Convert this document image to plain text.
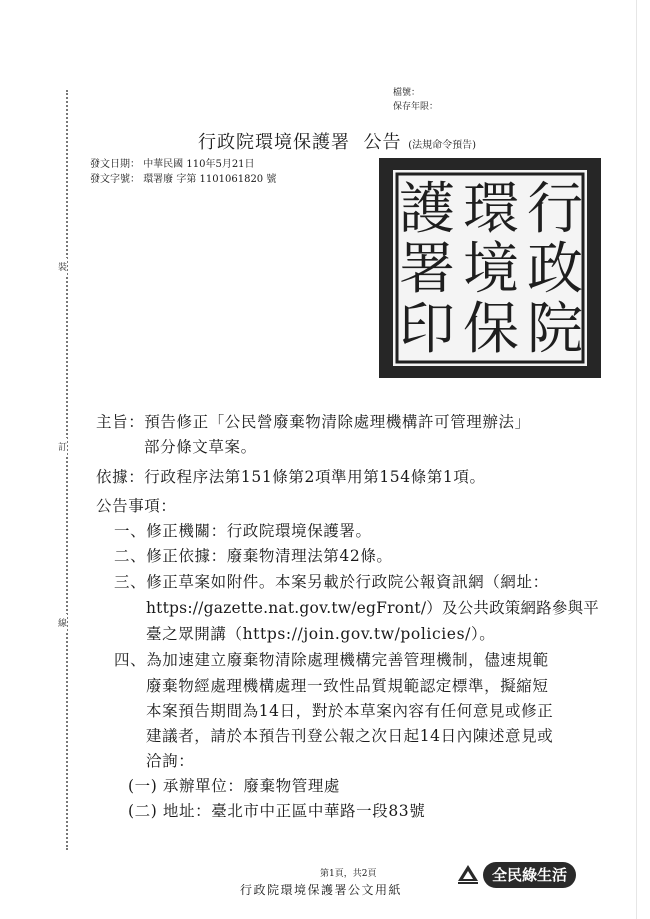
裝
訂
線
檔號：
保存年限：
行政院環境保護署 公告 (法規命令預告)
發文日期： 中華民國 110年5月21日
發文字號： 環署廢 字第 1101061820 號	行
政
院
環
境
保
護
署
印
主旨：預告修正「公民營廢棄物清除處理機構許可管理辦法」
部分條文草案。
依據：行政程序法第151條第2項準用第154條第1項。
公告事項：
一、修正機關：行政院環境保護署。
二、修正依據：廢棄物清理法第42條。
三、修正草案如附件。本案另載於行政院公報資訊網（網址：
https://gazette.nat.gov.tw/egFront/）及公共政策網路參與平
臺之眾開講（https://join.gov.tw/policies/）。
四、為加速建立廢棄物清除處理機構完善管理機制，儘速規範
廢棄物經處理機構處理一致性品質規範認定標準，擬縮短
本案預告期間為14日，對於本草案內容有任何意見或修正
建議者，請於本預告刊登公報之次日起14日內陳述意見或
洽詢：
(一) 承辦單位：廢棄物管理處
(二) 地址：臺北市中正區中華路一段83號
第1頁，共2頁
行政院環境保護署公文用紙
全民綠生活
